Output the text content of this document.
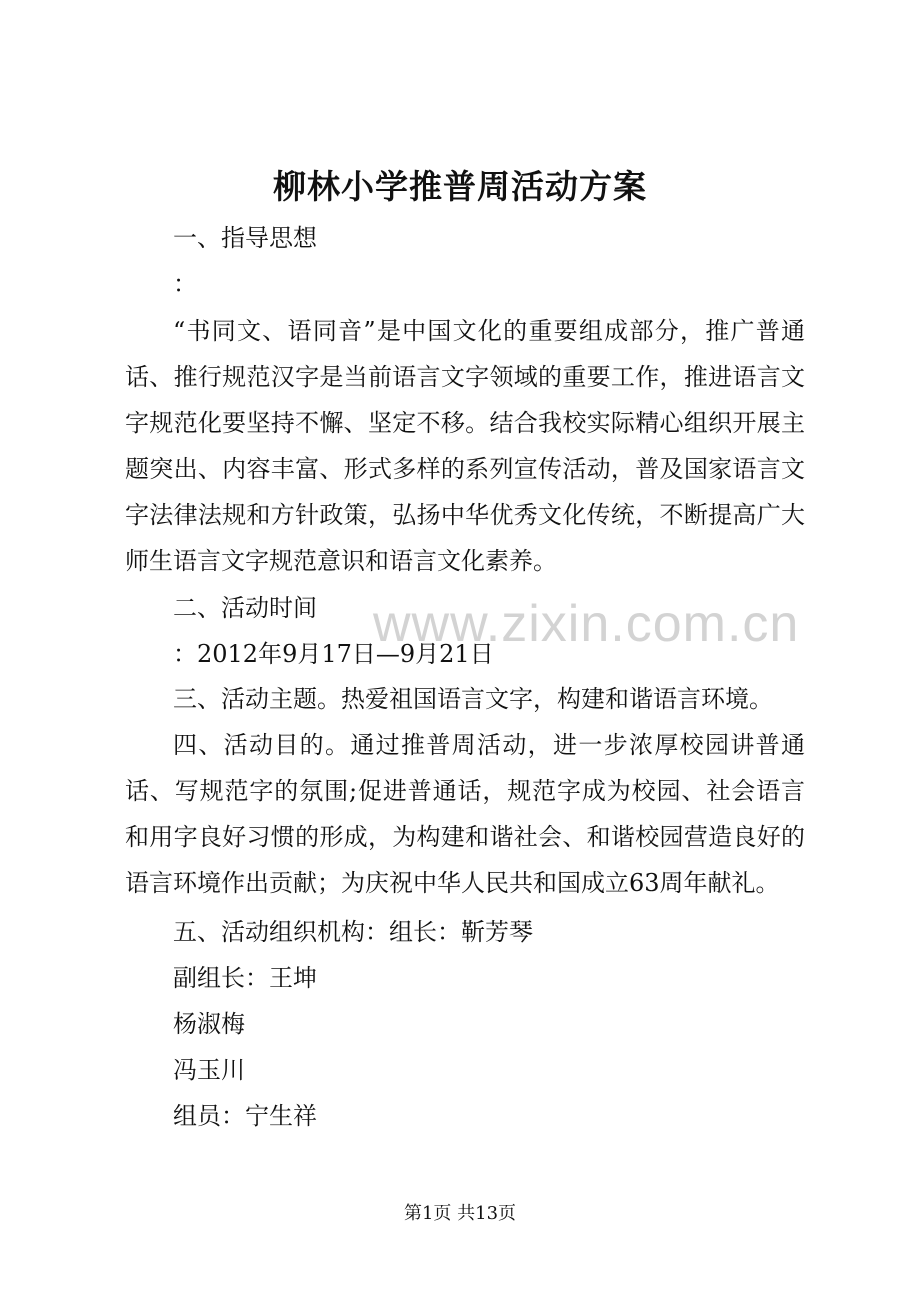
柳林小学推普周活动方案
一、指导思想
：
“书同文、语同音”是中国文化的重要组成部分，推广普通话、推行规范汉字是当前语言文字领域的重要工作，推进语言文字规范化要坚持不懈、坚定不移。结合我校实际精心组织开展主题突出、内容丰富、形式多样的系列宣传活动，普及国家语言文字法律法规和方针政策，弘扬中华优秀文化传统，不断提高广大师生语言文字规范意识和语言文化素养。
二、活动时间
：2012年9月17日—9月21日
三、活动主题。热爱祖国语言文字，构建和谐语言环境。
四、活动目的。通过推普周活动，进一步浓厚校园讲普通话、写规范字的氛围;促进普通话，规范字成为校园、社会语言和用字良好习惯的形成，为构建和谐社会、和谐校园营造良好的语言环境作出贡献；为庆祝中华人民共和国成立63周年献礼。
五、活动组织机构：组长：靳芳琴
副组长：王坤
杨淑梅
冯玉川
组员：宁生祥
www.zixin.com.cn
第1页 共13页
